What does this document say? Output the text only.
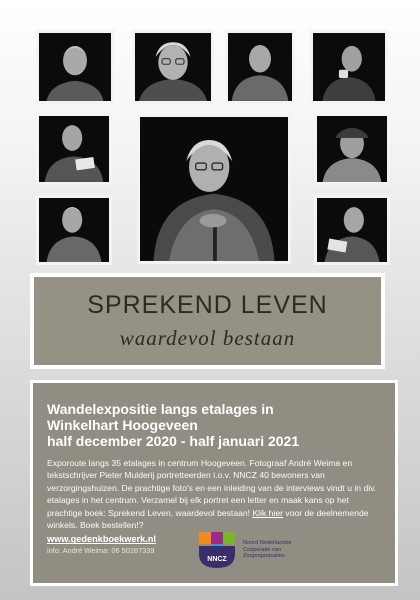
SPREKEND LEVEN
waardevol bestaan
Wandelexpositie langs etalages in
Winkelhart Hoogeveen
half december 2020 - half januari 2021
Exporoute langs 35 etalages in centrum Hoogeveen. Fotograaf André Weima en tekstschrijver Pieter Mulderij portretteerden i.o.v. NNCZ 40 bewoners van verzorgingshuizen. De prachtige foto's en een inleiding van de interviews vindt u in div. etalages in het centrum. Verzamel bij elk portret een letter en maak kans op het prachtige boek: Sprekend Leven, waardevol bestaan! Klik hier voor de deelnemende winkels. Boek bestellen!?
www.gedenkboekwerk.nl
info: André Weima: 06 50287339
NNCZ
Noord Nederlandse
Coöperatie van
Zorgorganisaties
